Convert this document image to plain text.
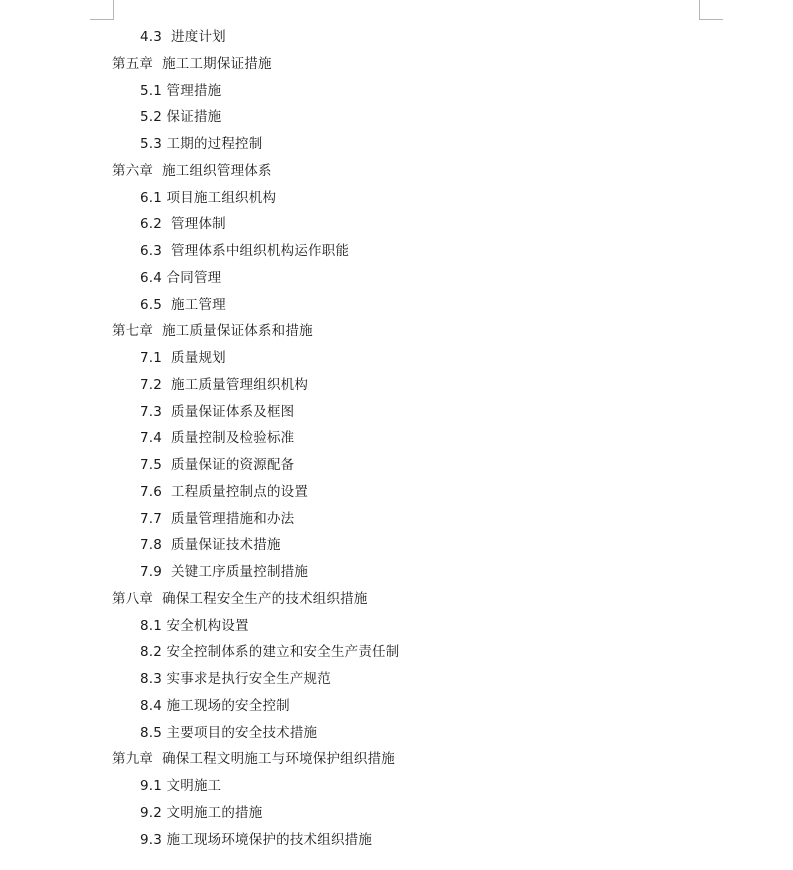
4.3  进度计划
第五章  施工工期保证措施
5.1 管理措施
5.2 保证措施
5.3 工期的过程控制
第六章  施工组织管理体系
6.1 项目施工组织机构
6.2  管理体制
6.3  管理体系中组织机构运作职能
6.4 合同管理
6.5  施工管理
第七章  施工质量保证体系和措施
7.1  质量规划
7.2  施工质量管理组织机构
7.3  质量保证体系及框图
7.4  质量控制及检验标准
7.5  质量保证的资源配备
7.6  工程质量控制点的设置
7.7  质量管理措施和办法
7.8  质量保证技术措施
7.9  关键工序质量控制措施
第八章  确保工程安全生产的技术组织措施
8.1 安全机构设置
8.2 安全控制体系的建立和安全生产责任制
8.3 实事求是执行安全生产规范
8.4 施工现场的安全控制
8.5 主要项目的安全技术措施
第九章  确保工程文明施工与环境保护组织措施
9.1 文明施工
9.2 文明施工的措施
9.3 施工现场环境保护的技术组织措施
